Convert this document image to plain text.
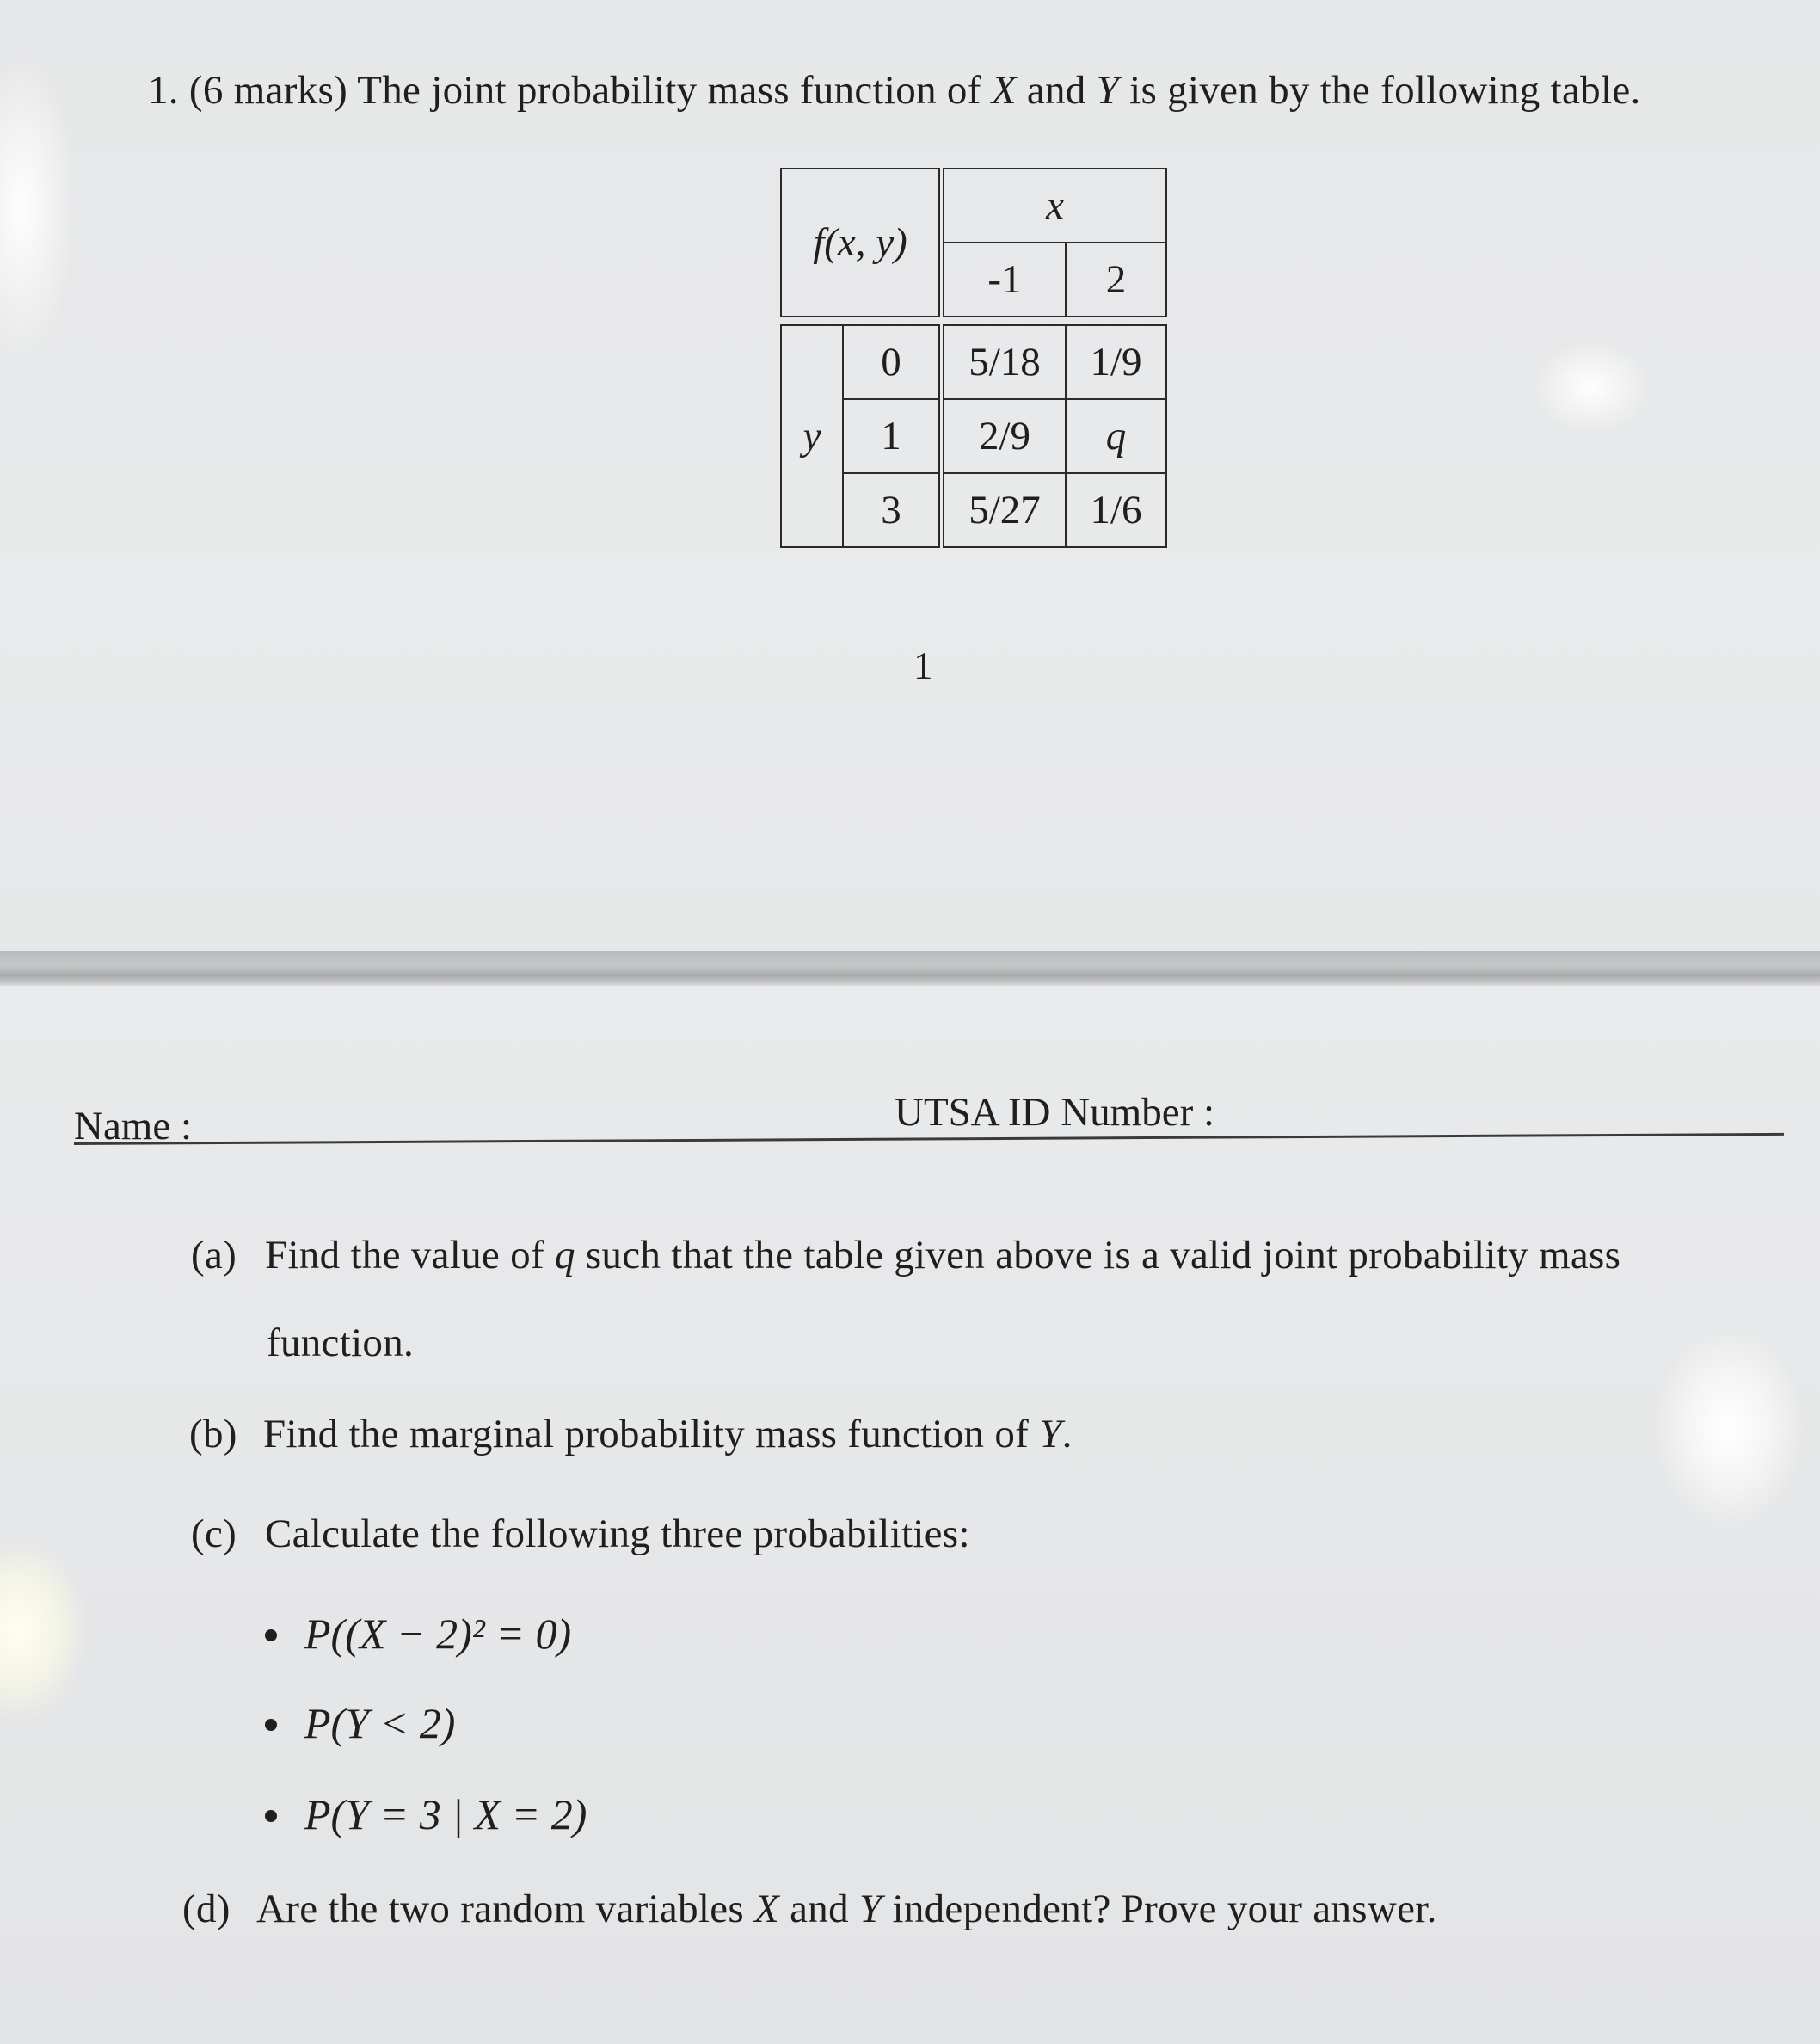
1. (6 marks) The joint probability mass function of X and Y is given by the following table.
f(x, y)		x	
		-1	2

y	0	5/18	1/9
	1	2/9	q
	3	5/27	1/6
1
Name :	UTSA ID Number :
(a) Find the value of q such that the table given above is a valid joint probability mass
function.
(b) Find the marginal probability mass function of Y.
(c) Calculate the following three probabilities:
P((X − 2)² = 0)
P(Y < 2)
P(Y = 3 | X = 2)
(d) Are the two random variables X and Y independent? Prove your answer.
